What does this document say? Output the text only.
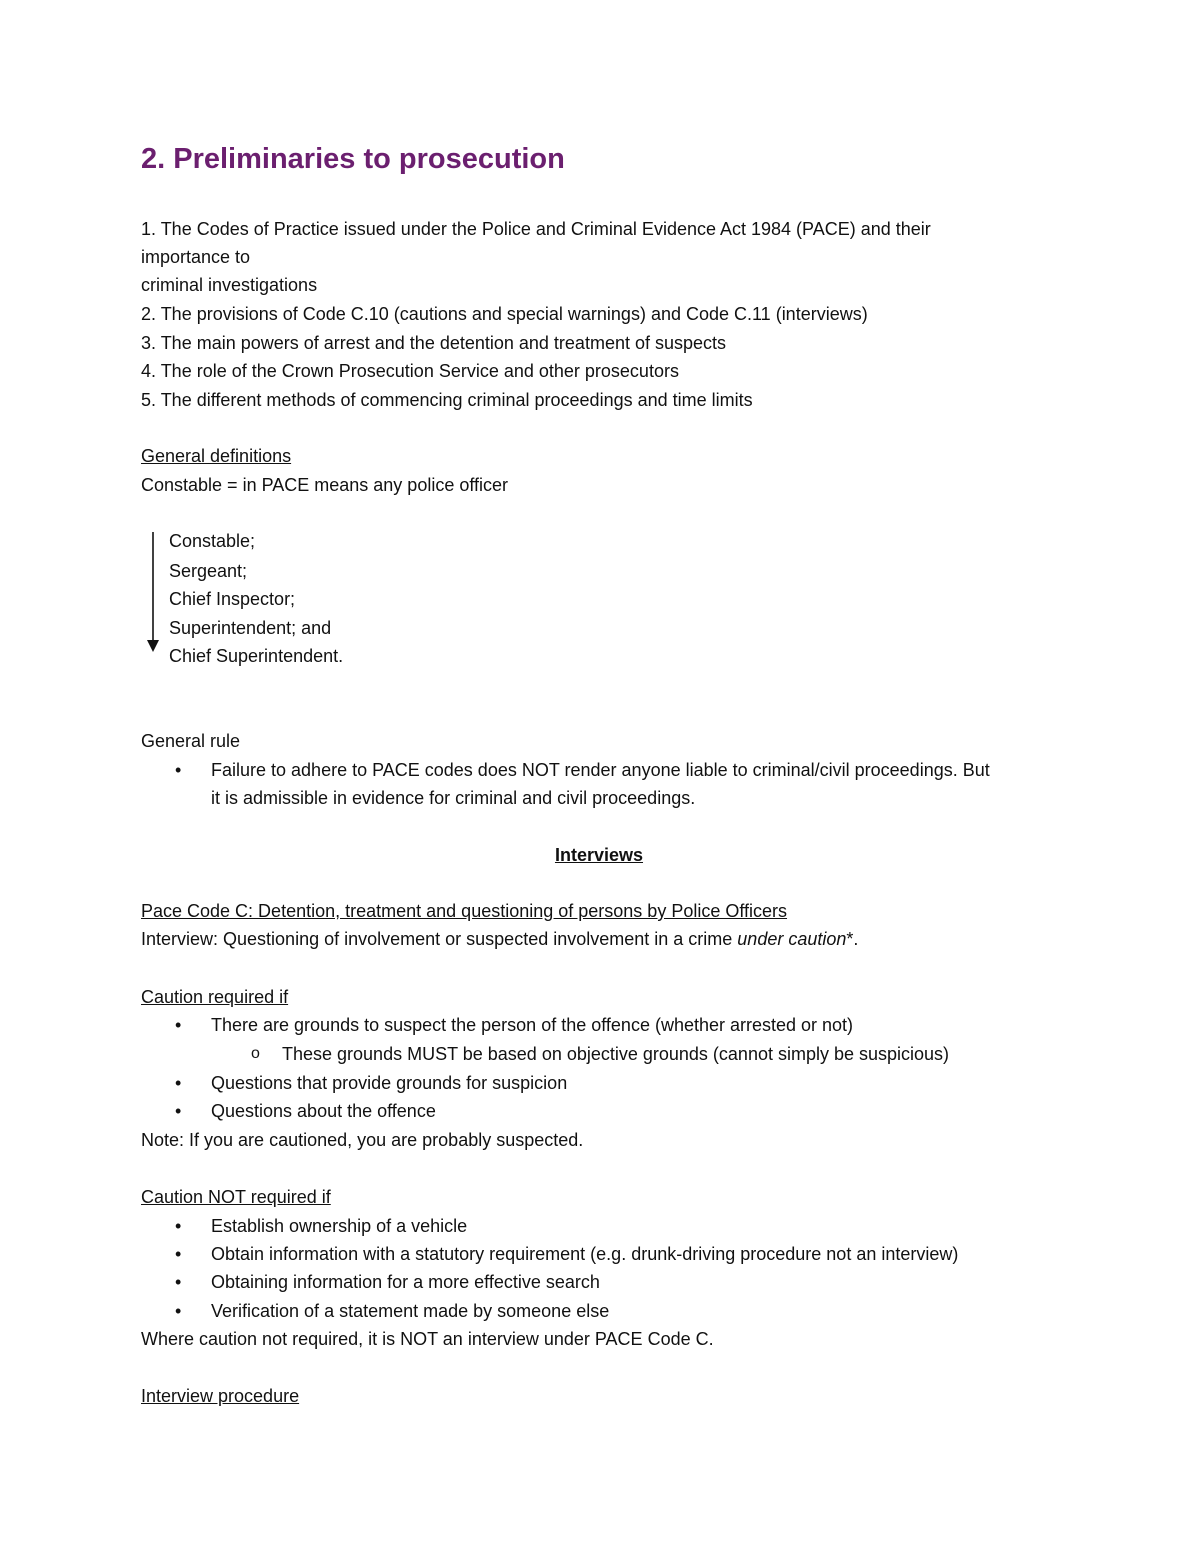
2. Preliminaries to prosecution
1. The Codes of Practice issued under the Police and Criminal Evidence Act 1984 (PACE) and their
importance to
criminal investigations
2. The provisions of Code C.10 (cautions and special warnings) and Code C.11 (interviews)
3. The main powers of arrest and the detention and treatment of suspects
4. The role of the Crown Prosecution Service and other prosecutors
5. The different methods of commencing criminal proceedings and time limits
General definitions
Constable = in PACE means any police officer
Constable;
Sergeant;
Chief Inspector;
Superintendent; and
Chief Superintendent.
General rule
• Failure to adhere to PACE codes does NOT render anyone liable to criminal/civil proceedings. But
it is admissible in evidence for criminal and civil proceedings.
Interviews
Pace Code C: Detention, treatment and questioning of persons by Police Officers
Interview: Questioning of involvement or suspected involvement in a crime under caution*.
Caution required if
• There are grounds to suspect the person of the offence (whether arrested or not)
o These grounds MUST be based on objective grounds (cannot simply be suspicious)
• Questions that provide grounds for suspicion
• Questions about the offence
Note: If you are cautioned, you are probably suspected.
Caution NOT required if
• Establish ownership of a vehicle
• Obtain information with a statutory requirement (e.g. drunk-driving procedure not an interview)
• Obtaining information for a more effective search
• Verification of a statement made by someone else
Where caution not required, it is NOT an interview under PACE Code C.
Interview procedure
